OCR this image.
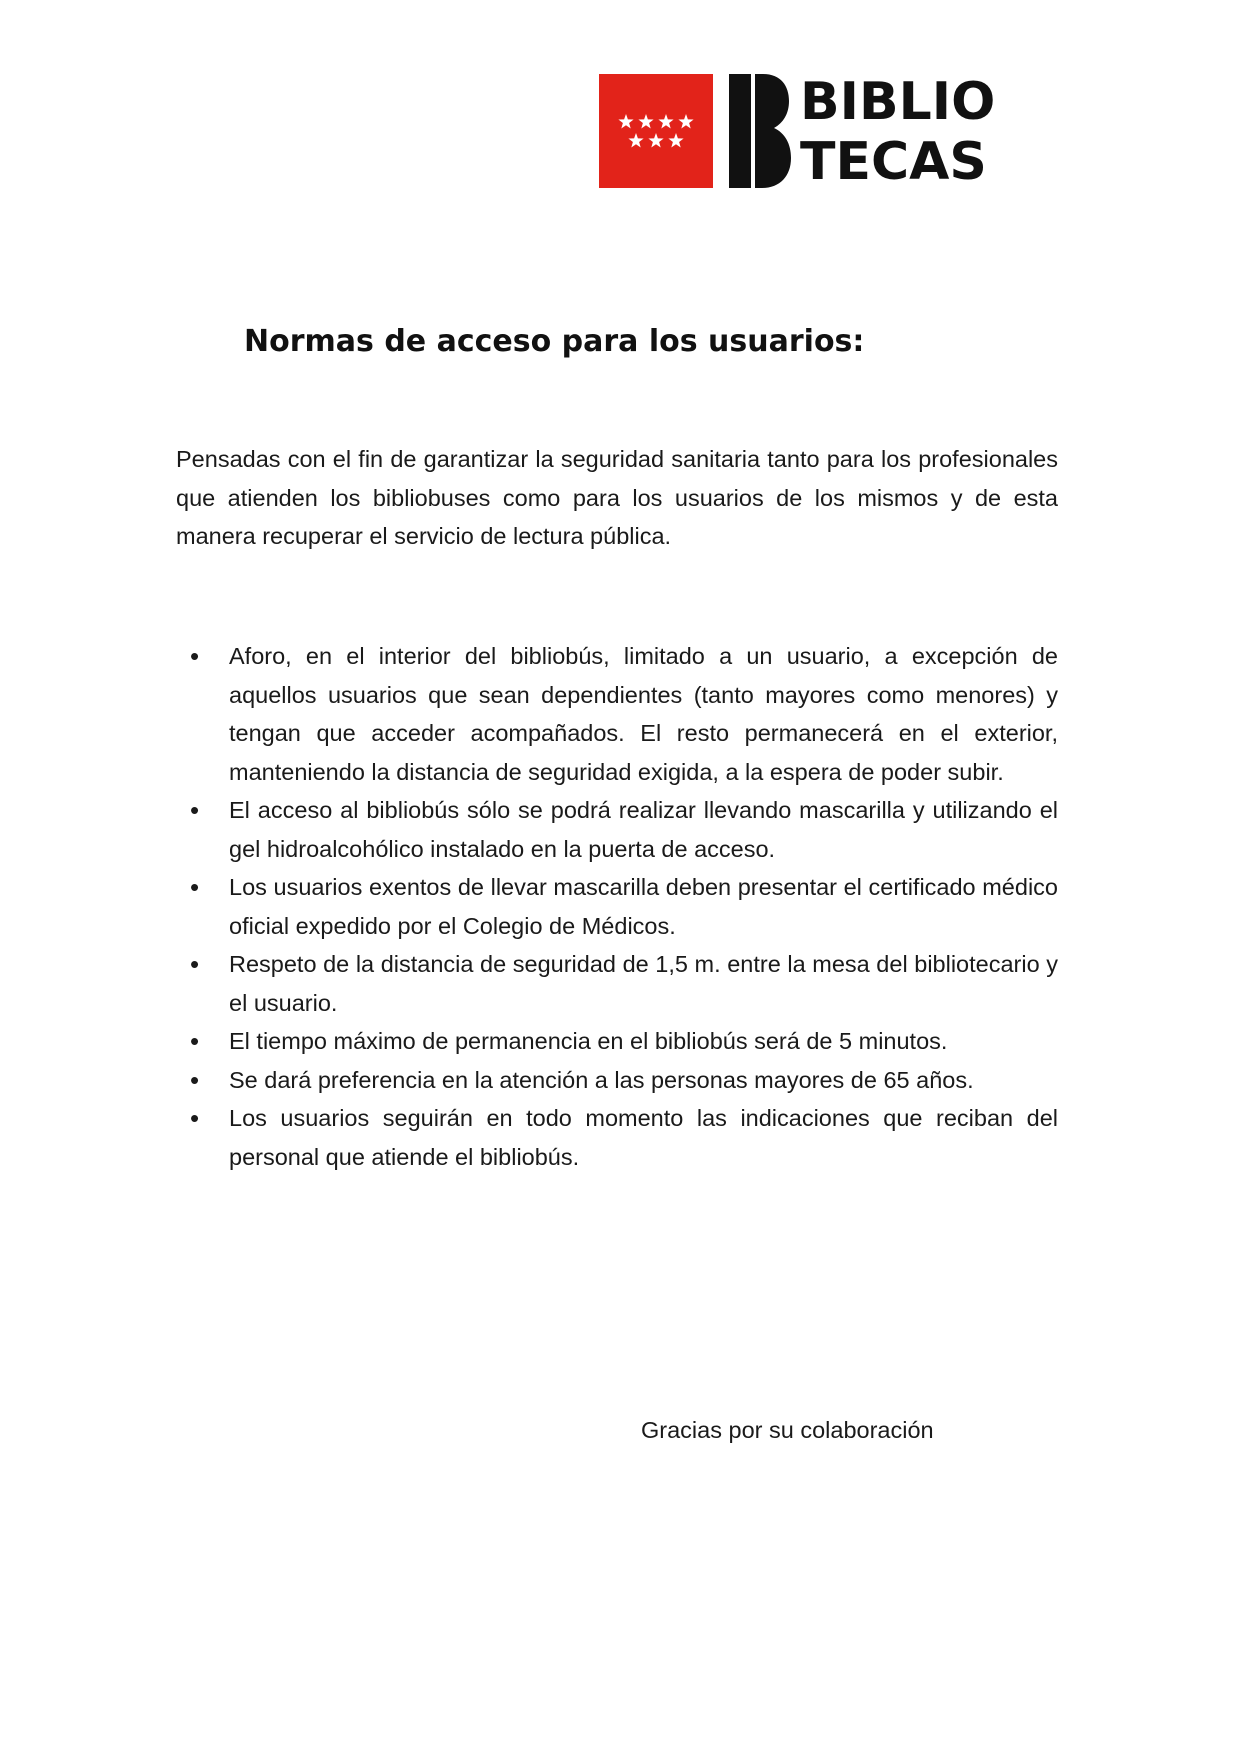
BIBLIO
TECAS
Normas de acceso para los usuarios:

Pensadas con el fin de garantizar la seguridad sanitaria tanto para los profesionales que atienden los bibliobuses como para los usuarios de los mismos y de esta manera recuperar el servicio de lectura pública.

• Aforo, en el interior del bibliobús, limitado a un usuario, a excepción de aquellos usuarios que sean dependientes (tanto mayores como menores) y tengan que acceder acompañados. El resto permanecerá en el exterior, manteniendo la distancia de seguridad exigida, a la espera de poder subir.
• El acceso al bibliobús sólo se podrá realizar llevando mascarilla y utilizando el gel hidroalcohólico instalado en la puerta de acceso.
• Los usuarios exentos de llevar mascarilla deben presentar el certificado médico oficial expedido por el Colegio de Médicos.
• Respeto de la distancia de seguridad de 1,5 m. entre la mesa del bibliotecario y el usuario.
• El tiempo máximo de permanencia en el bibliobús será de 5 minutos.
• Se dará preferencia en la atención a las personas mayores de 65 años.
• Los usuarios seguirán en todo momento las indicaciones que reciban del personal que atiende el bibliobús.

Gracias por su colaboración
